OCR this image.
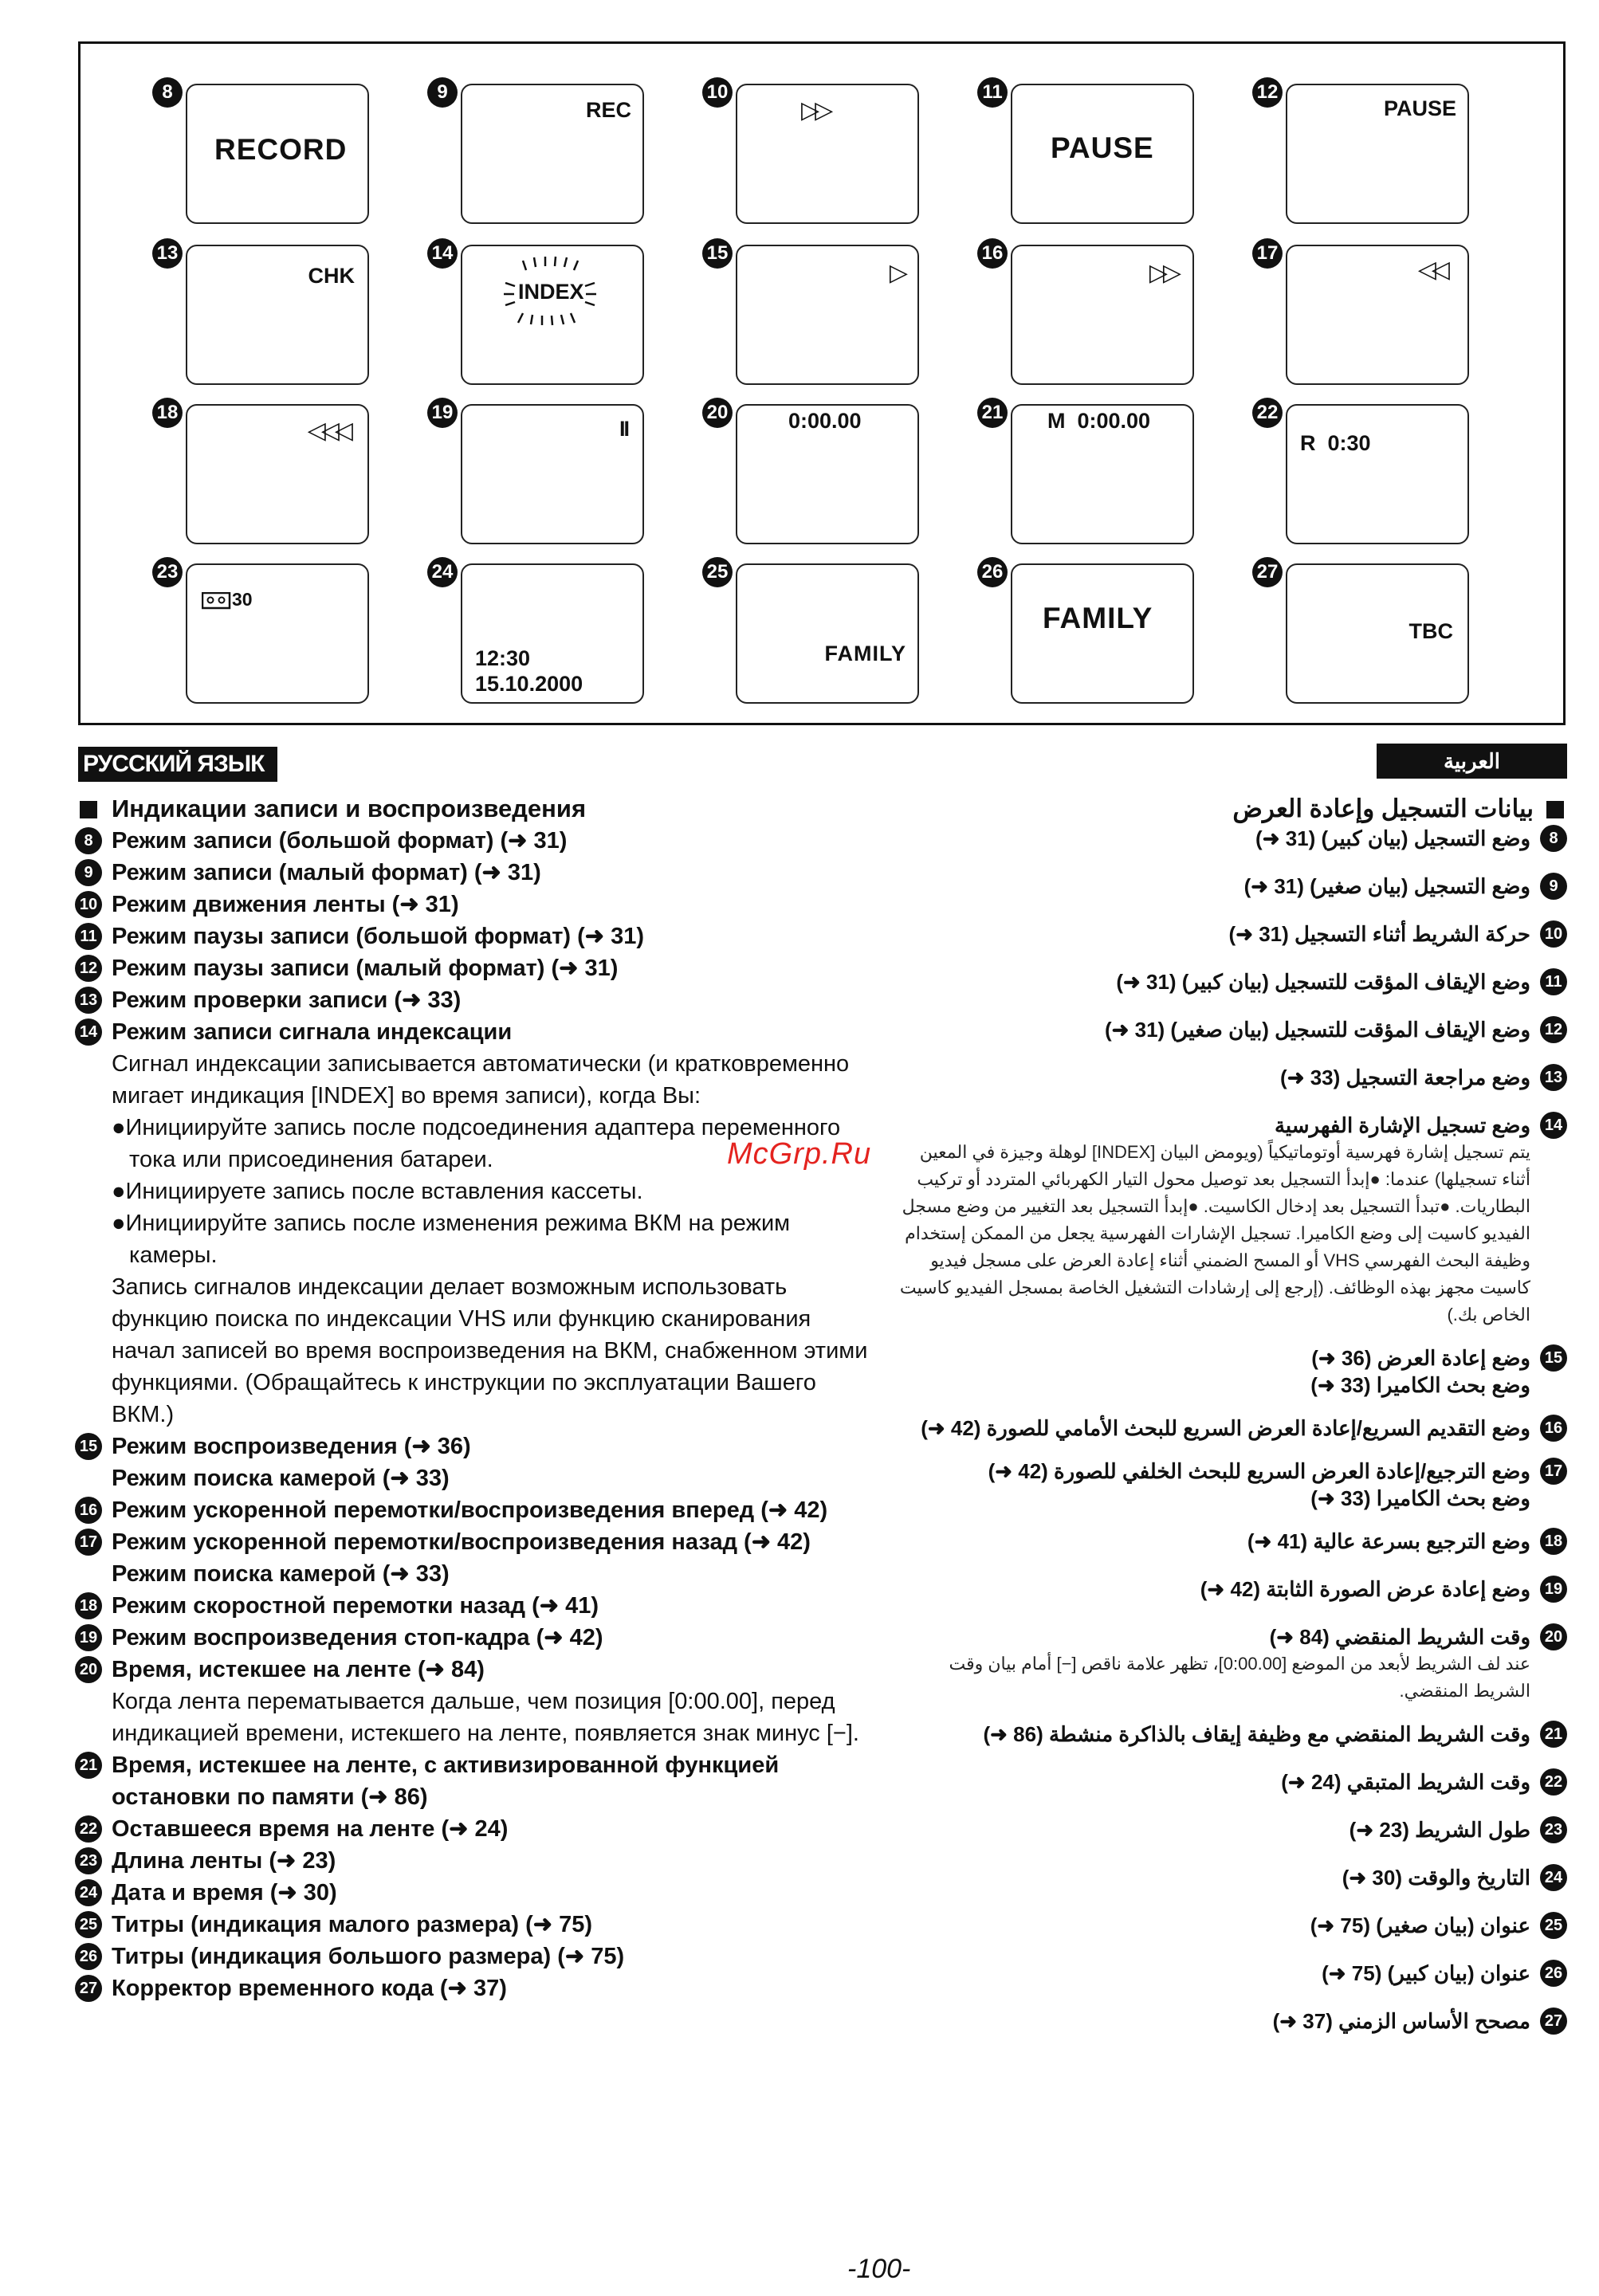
8
RECORD
9
REC
10
▷▷
11
PAUSE
12
PAUSE
13
CHK
14
INDEX
15
▷
16
▷▷
17
◁◁
18
◁◁◁
19
II
20	0:00.00	21 M  0:00.00	22
R  0:30
23
30
24
12:30
15.10.2000
25
FAMILY
26
FAMILY
27
TBC
РУССКИЙ ЯЗЫК	العربية
Индикации записи и воспроизведения
8 Режим записи (большой формат) (➜ 31)
9 Режим записи (малый формат) (➜ 31)
10 Режим движения ленты (➜ 31)
11 Режим паузы записи (большой формат) (➜ 31)
12 Режим паузы записи (малый формат) (➜ 31)
13 Режим проверки записи (➜ 33)
14 Режим записи сигнала индексации
Сигнал индексации записывается автоматически (и кратковременно мигает индикация [INDEX] во время записи), когда Вы:
●Инициируйте запись после подсоединения адаптера переменного тока или присоединения батареи.
●Инициируете запись после вставления кассеты.
●Инициируйте запись после изменения режима ВКМ на режим камеры.
Запись сигналов индексации делает возможным использовать функцию поиска по индексации VHS или функцию сканирования начал записей во время воспроизведения на ВКМ, снабженном этими функциями. (Обращайтесь к инструкции по эксплуатации Вашего ВКМ.)
15 Режим воспроизведения (➜ 36)
Режим поиска камерой (➜ 33)
16 Режим ускоренной перемотки/воспроизведения вперед (➜ 42)
17 Режим ускоренной перемотки/воспроизведения назад (➜ 42)
Режим поиска камерой (➜ 33)
18 Режим скоростной перемотки назад (➜ 41)
19 Режим воспроизведения стоп-кадра (➜ 42)
20 Время, истекшее на ленте (➜ 84)
Когда лента перематывается дальше, чем позиция [0:00.00], перед индикацией времени, истекшего на ленте, появляется знак минус [−].
21 Время, истекшее на ленте, с активизированной функцией остановки по памяти (➜ 86)
22 Оставшееся время на ленте (➜ 24)
23 Длина ленты (➜ 23)
24 Дата и время (➜ 30)
25 Титры (индикация малого размера) (➜ 75)
26 Титры (индикация большого размера) (➜ 75)
27 Корректор временного кода (➜ 37)
بيانات التسجيل وإعادة العرض
8
وضع التسجيل (بيان كبير) (31 ➜)
9
وضع التسجيل (بيان صغير) (31 ➜)
10
حركة الشريط أثناء التسجيل (31 ➜)
11
وضع الإيقاف المؤقت للتسجيل (بيان كبير) (31 ➜)
12
وضع الإيقاف المؤقت للتسجيل (بيان صغير) (31 ➜)
13
وضع مراجعة التسجيل (33 ➜)
14
وضع تسجيل الإشارة الفهرسية
يتم تسجيل إشارة فهرسية أوتوماتيكياً (ويومض البيان [INDEX] لوهلة وجيزة في المعين أثناء تسجيلها) عندما: ●إبدأ التسجيل بعد توصيل محول التيار الكهربائي المتردد أو تركيب البطاريات. ●تبدأ التسجيل بعد إدخال الكاسيت. ●إبدأ التسجيل بعد التغيير من وضع مسجل الفيديو كاسيت إلى وضع الكاميرا. تسجيل الإشارات الفهرسية يجعل من الممكن إستخدام وظيفة البحث الفهرسي VHS أو المسح الضمني أثناء إعادة العرض على مسجل فيديو كاسيت مجهز بهذه الوظائف. (إرجع إلى إرشادات التشغيل الخاصة بمسجل الفيديو كاسيت الخاص بك.)
15
وضع إعادة العرض (36 ➜)
وضع بحث الكاميرا (33 ➜)
16
وضع التقديم السريع/إعادة العرض السريع للبحث الأمامي للصورة (42 ➜)
17
وضع الترجيع/إعادة العرض السريع للبحث الخلفي للصورة (42 ➜)
وضع بحث الكاميرا (33 ➜)
18
وضع الترجيع بسرعة عالية (41 ➜)
19
وضع إعادة عرض الصورة الثابتة (42 ➜)
20
وقت الشريط المنقضي (84 ➜)
عند لف الشريط لأبعد من الموضع [0:00.00]، تظهر علامة ناقص [−] أمام بيان وقت الشريط المنقضي.
21
وقت الشريط المنقضي مع وظيفة إيقاف بالذاكرة منشطة (86 ➜)
22
وقت الشريط المتبقي (24 ➜)
23
طول الشريط (23 ➜)
24
التاريخ والوقت (30 ➜)
25
عنوان (بيان صغير) (75 ➜)
26
عنوان (بيان كبير) (75 ➜)
27
مصحح الأساس الزمني (37 ➜)
McGrp.Ru
-100-
